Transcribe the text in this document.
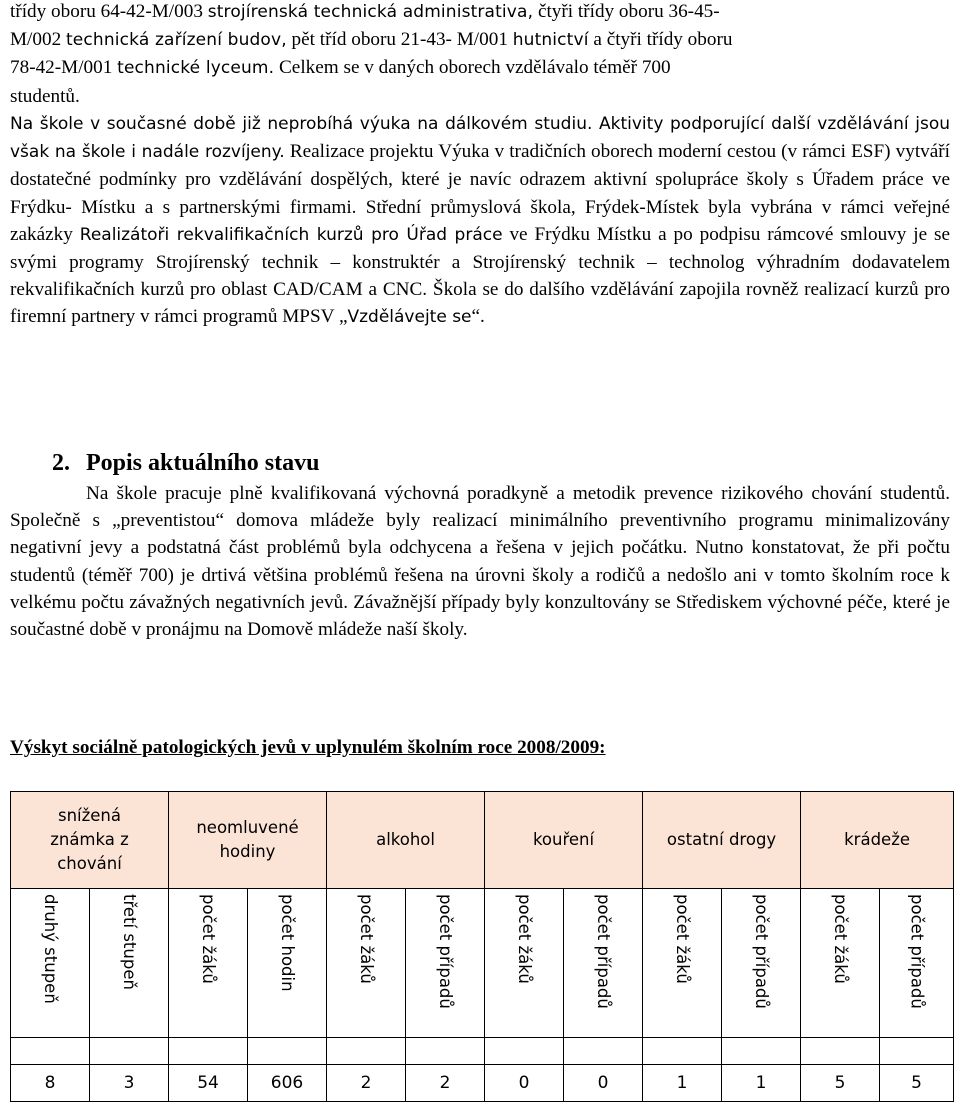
třídy oboru 64-42-M/003 strojírenská technická administrativa, čtyři třídy oboru 36-45-
M/002 technická zařízení budov, pět tříd oboru 21-43- M/001 hutnictví a čtyři třídy oboru
78-42-M/001 technické lyceum. Celkem se v daných oborech vzdělávalo téměř 700
studentů.

Na škole v současné době již neprobíhá výuka na dálkovém studiu. Aktivity podporující další vzdělávání jsou však na škole i nadále rozvíjeny. Realizace projektu Výuka v tradičních oborech moderní cestou (v rámci ESF) vytváří dostatečné podmínky pro vzdělávání dospělých, které je navíc odrazem aktivní spolupráce školy s Úřadem práce ve Frýdku- Místku a s partnerskými firmami. Střední průmyslová škola, Frýdek-Místek byla vybrána v rámci veřejné zakázky Realizátoři rekvalifikačních kurzů pro Úřad práce ve Frýdku Místku a po podpisu rámcové smlouvy je se svými programy Strojírenský technik – konstruktér a Strojírenský technik – technolog výhradním dodavatelem rekvalifikačních kurzů pro oblast CAD/CAM a CNC. Škola se do dalšího vzdělávání zapojila rovněž realizací kurzů pro firemní partnery v rámci programů MPSV „Vzdělávejte se“.

2. Popis aktuálního stavu

Na škole pracuje plně kvalifikovaná výchovná poradkyně a metodik prevence rizikového chování studentů. Společně s „preventistou“ domova mládeže byly realizací minimálního preventivního programu minimalizovány negativní jevy a podstatná část problémů byla odchycena a řešena v jejich počátku. Nutno konstatovat, že při počtu studentů (téměř 700) je drtivá většina problémů řešena na úrovni školy a rodičů a nedošlo ani v tomto školním roce k velkému počtu závažných negativních jevů. Závažnější případy byly konzultovány se Střediskem výchovné péče, které je součastné době v pronájmu na Domově mládeže naší školy.

Výskyt sociálně patologických jevů v uplynulém školním roce 2008/2009:
snížená známka z chování		neomluvené hodiny		alkohol		kouření		ostatní drogy		krádeže	
druhý stupeň	třetí stupeň	počet žáků	počet hodin	počet žáků	počet případů	počet žáků	počet případů	počet žáků	počet případů	počet žáků	počet případů

8	3	54	606	2	2	0	0	1	1	5	5
